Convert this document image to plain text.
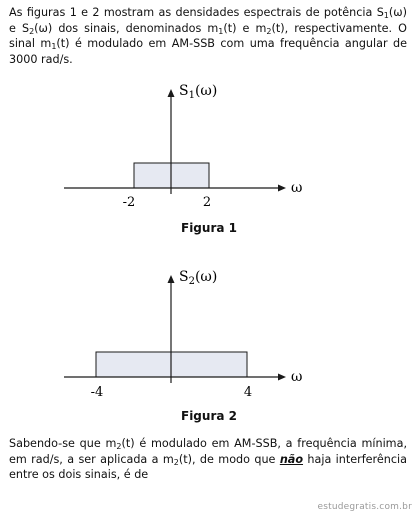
As figuras 1 e 2 mostram as densidades espectrais de potência $S_1(\omega)$ e $S_2(\omega)$ dos sinais, denominados $m_1(t)$ e $m_2(t)$, respectivamente. O sinal $m_1(t)$ é modulado em AM-SSB com uma frequência angular de 3000 rad/s.
$S_1(\omega)$
ω
-2	2
Figura 1
$S_2(\omega)$
ω
-4	4
Figura 2
Sabendo-se que $m_2(t)$ é modulado em AM-SSB, a frequência mínima, em rad/s, a ser aplicada a $m_2(t)$, de modo que não haja interferência entre os dois sinais, é de
estudegratis.com.br
